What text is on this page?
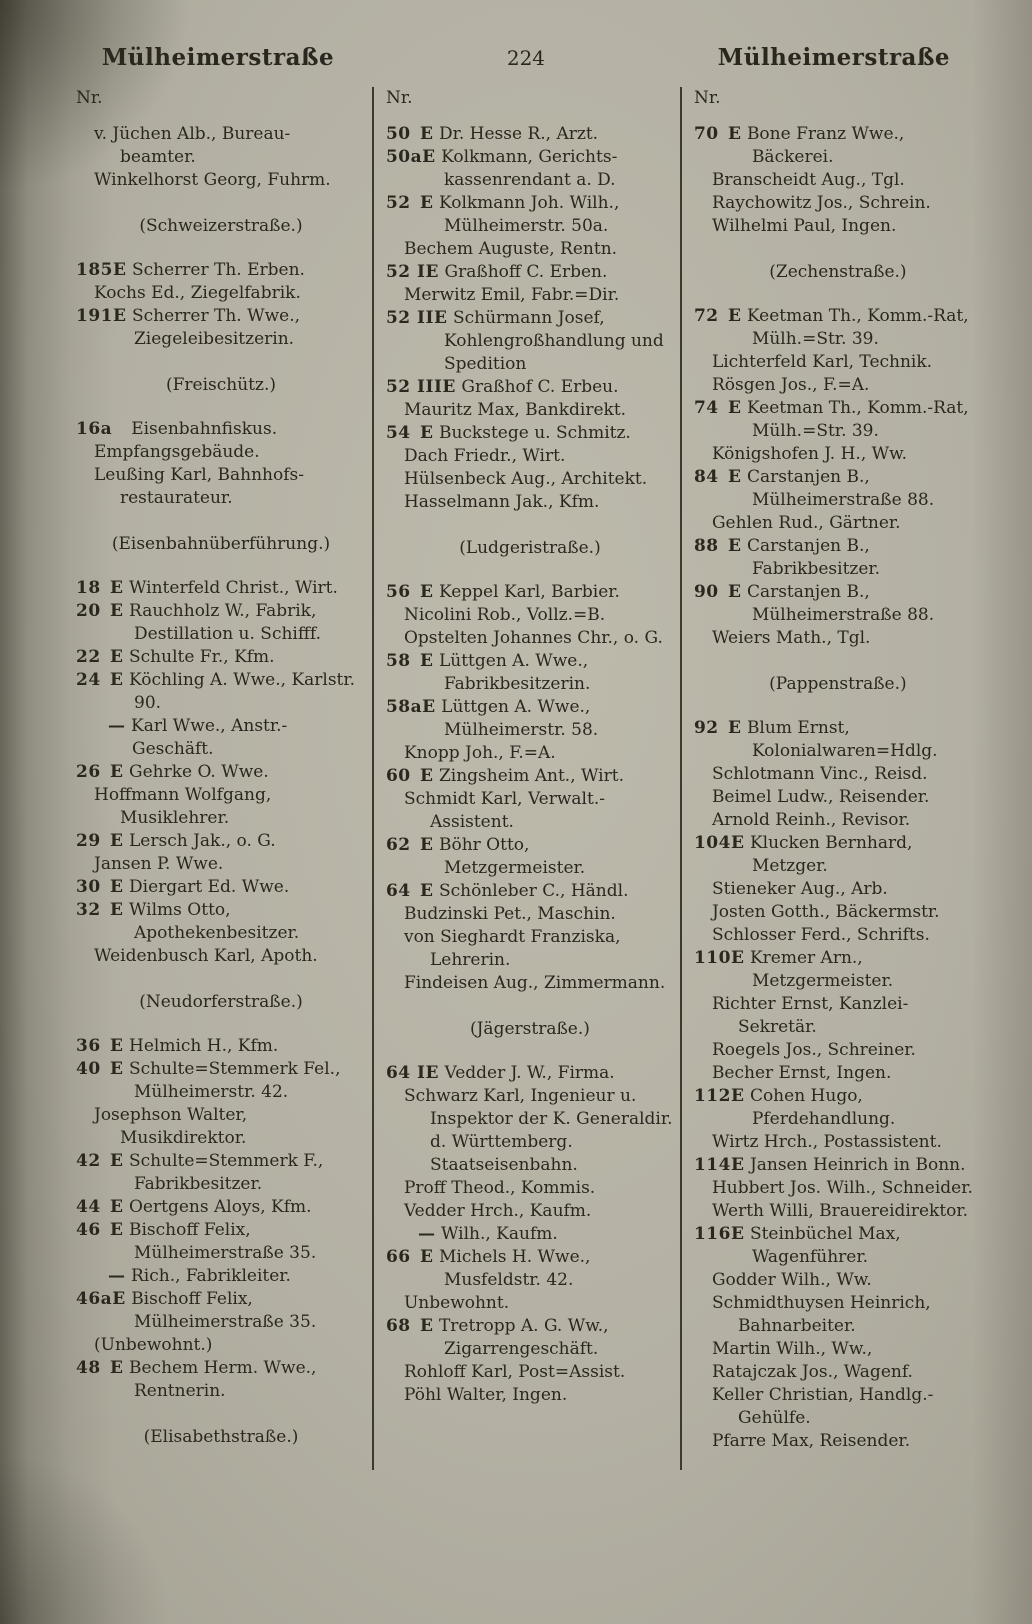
Mülheimerstraße	224	Mülheimerstraße
Nr.
v. Jüchen Alb., Bureau-beamter.
Winkelhorst Georg, Fuhrm.
(Schweizerstraße.)
185E Scherrer Th. Erben.
Kochs Ed., Ziegelfabrik.
191E Scherrer Th. Wwe., Ziegeleibesitzerin.
(Freischütz.)
16a Eisenbahnfiskus.
Empfangsgebäude.
Leußing Karl, Bahnhofs-restaurateur.
(Eisenbahnüberführung.)
18 E Winterfeld Christ., Wirt.
20 E Rauchholz W., Fabrik, Destillation u. Schifff.
22 E Schulte Fr., Kfm.
24 E Köchling A. Wwe., Karlstr. 90.
— Karl Wwe., Anstr.-Geschäft.
26 E Gehrke O. Wwe.
Hoffmann Wolfgang, Musiklehrer.
29 E Lersch Jak., o. G.
Jansen P. Wwe.
30 E Diergart Ed. Wwe.
32 E Wilms Otto, Apothekenbesitzer.
Weidenbusch Karl, Apoth.
(Neudorferstraße.)
36 E Helmich H., Kfm.
40 E Schulte=Stemmerk Fel., Mülheimerstr. 42.
Josephson Walter, Musikdirektor.
42 E Schulte=Stemmerk F., Fabrikbesitzer.
44 E Oertgens Aloys, Kfm.
46 E Bischoff Felix, Mülheimerstraße 35.
— Rich., Fabrikleiter.
46aE Bischoff Felix, Mülheimerstraße 35.
(Unbewohnt.)
48 E Bechem Herm. Wwe., Rentnerin.
(Elisabethstraße.)
Nr.
50 E Dr. Hesse R., Arzt.
50aE Kolkmann, Gerichts-kassenrendant a. D.
52 E Kolkmann Joh. Wilh., Mülheimerstr. 50a.
Bechem Auguste, Rentn.
52 IE Graßhoff C. Erben.
Merwitz Emil, Fabr.=Dir.
52 IIE Schürmann Josef, Kohlengroßhandlung und Spedition
52 IIIE Graßhof C. Erbeu.
Mauritz Max, Bankdirekt.
54 E Buckstege u. Schmitz.
Dach Friedr., Wirt.
Hülsenbeck Aug., Architekt.
Hasselmann Jak., Kfm.
(Ludgeristraße.)
56 E Keppel Karl, Barbier.
Nicolini Rob., Vollz.=B.
Opstelten Johannes Chr., o. G.
58 E Lüttgen A. Wwe., Fabrikbesitzerin.
58aE Lüttgen A. Wwe., Mülheimerstr. 58.
Knopp Joh., F.=A.
60 E Zingsheim Ant., Wirt.
Schmidt Karl, Verwalt.-Assistent.
62 E Böhr Otto, Metzgermeister.
64 E Schönleber C., Händl.
Budzinski Pet., Maschin.
von Sieghardt Franziska, Lehrerin.
Findeisen Aug., Zimmermann.
(Jägerstraße.)
64 IE Vedder J. W., Firma.
Schwarz Karl, Ingenieur u. Inspektor der K. Generaldir. d. Württemberg. Staatseisenbahn.
Proff Theod., Kommis.
Vedder Hrch., Kaufm.
— Wilh., Kaufm.
66 E Michels H. Wwe., Musfeldstr. 42.
Unbewohnt.
68 E Tretropp A. G. Ww., Zigarrengeschäft.
Rohloff Karl, Post=Assist.
Pöhl Walter, Ingen.
Nr.
70 E Bone Franz Wwe., Bäckerei.
Branscheidt Aug., Tgl.
Raychowitz Jos., Schrein.
Wilhelmi Paul, Ingen.
(Zechenstraße.)
72 E Keetman Th., Komm.-Rat, Mülh.=Str. 39.
Lichterfeld Karl, Technik.
Rösgen Jos., F.=A.
74 E Keetman Th., Komm.-Rat, Mülh.=Str. 39.
Königshofen J. H., Ww.
84 E Carstanjen B., Mülheimerstraße 88.
Gehlen Rud., Gärtner.
88 E Carstanjen B., Fabrikbesitzer.
90 E Carstanjen B., Mülheimerstraße 88.
Weiers Math., Tgl.
(Pappenstraße.)
92 E Blum Ernst, Kolonialwaren=Hdlg.
Schlotmann Vinc., Reisd.
Beimel Ludw., Reisender.
Arnold Reinh., Revisor.
104E Klucken Bernhard, Metzger.
Stieneker Aug., Arb.
Josten Gotth., Bäckermstr.
Schlosser Ferd., Schrifts.
110E Kremer Arn., Metzgermeister.
Richter Ernst, Kanzlei-Sekretär.
Roegels Jos., Schreiner.
Becher Ernst, Ingen.
112E Cohen Hugo, Pferdehandlung.
Wirtz Hrch., Postassistent.
114E Jansen Heinrich in Bonn.
Hubbert Jos. Wilh., Schneider.
Werth Willi, Brauereidirektor.
116E Steinbüchel Max, Wagenführer.
Godder Wilh., Ww.
Schmidthuysen Heinrich, Bahnarbeiter.
Martin Wilh., Ww.,
Ratajczak Jos., Wagenf.
Keller Christian, Handlg.-Gehülfe.
Pfarre Max, Reisender.
